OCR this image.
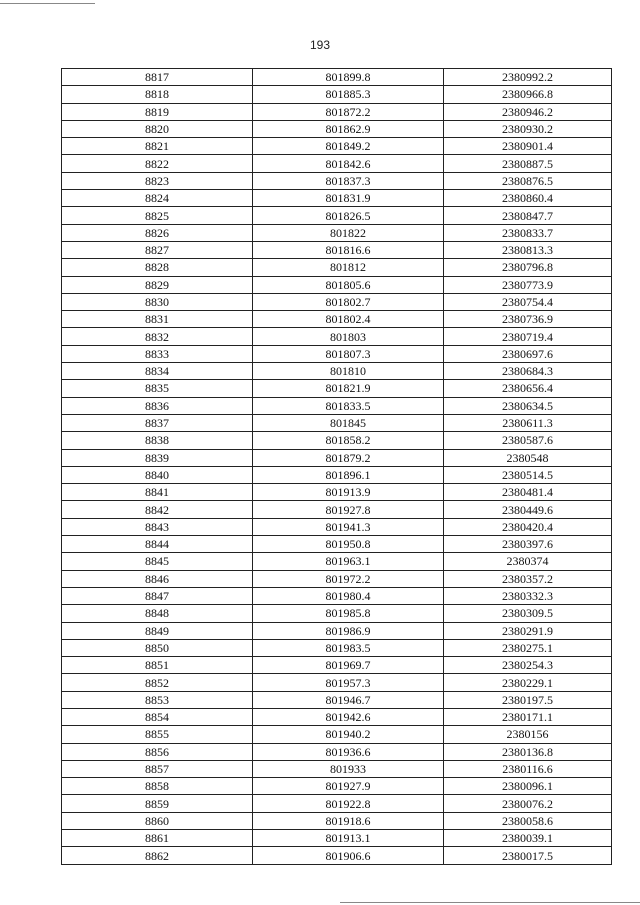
193
8817	801899.8	2380992.2
8818	801885.3	2380966.8
8819	801872.2	2380946.2
8820	801862.9	2380930.2
8821	801849.2	2380901.4
8822	801842.6	2380887.5
8823	801837.3	2380876.5
8824	801831.9	2380860.4
8825	801826.5	2380847.7
8826	801822	2380833.7
8827	801816.6	2380813.3
8828	801812	2380796.8
8829	801805.6	2380773.9
8830	801802.7	2380754.4
8831	801802.4	2380736.9
8832	801803	2380719.4
8833	801807.3	2380697.6
8834	801810	2380684.3
8835	801821.9	2380656.4
8836	801833.5	2380634.5
8837	801845	2380611.3
8838	801858.2	2380587.6
8839	801879.2	2380548
8840	801896.1	2380514.5
8841	801913.9	2380481.4
8842	801927.8	2380449.6
8843	801941.3	2380420.4
8844	801950.8	2380397.6
8845	801963.1	2380374
8846	801972.2	2380357.2
8847	801980.4	2380332.3
8848	801985.8	2380309.5
8849	801986.9	2380291.9
8850	801983.5	2380275.1
8851	801969.7	2380254.3
8852	801957.3	2380229.1
8853	801946.7	2380197.5
8854	801942.6	2380171.1
8855	801940.2	2380156
8856	801936.6	2380136.8
8857	801933	2380116.6
8858	801927.9	2380096.1
8859	801922.8	2380076.2
8860	801918.6	2380058.6
8861	801913.1	2380039.1
8862	801906.6	2380017.5
